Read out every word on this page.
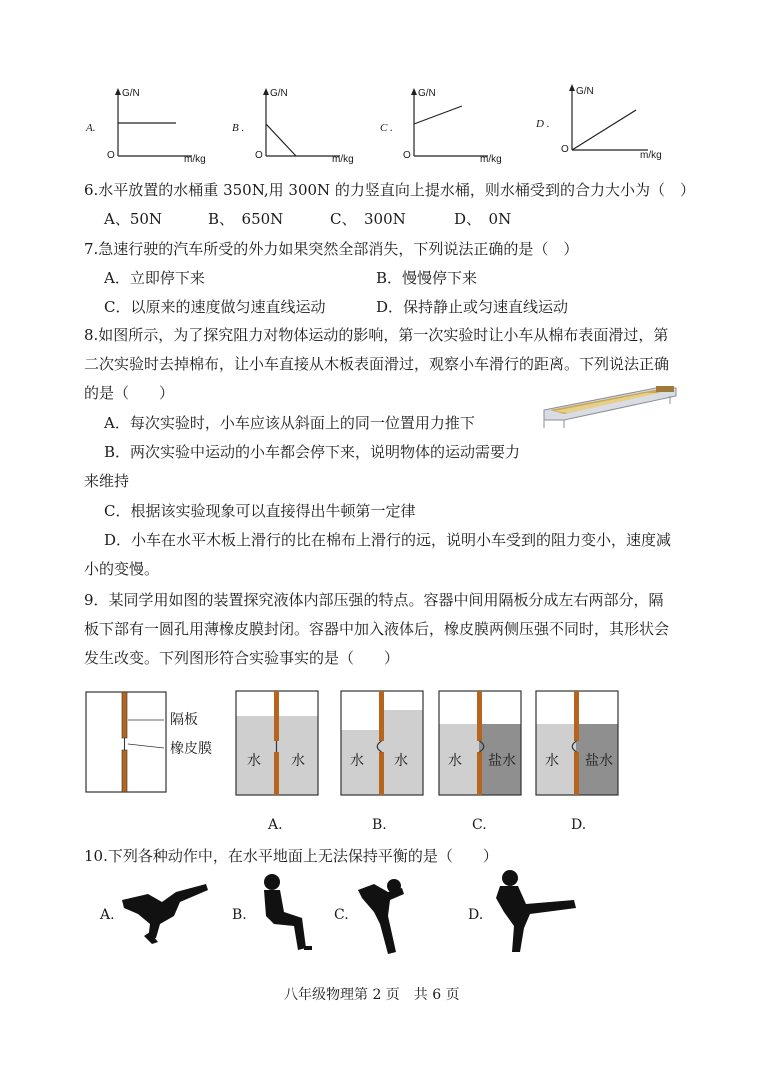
A.
G/N
O	m/kg
B .
G/N
O	m/kg
C .
G/N
O	m/kg
D .
G/N
O
m/kg
6.水平放置的水桶重 350N,用 300N 的力竖直向上提水桶，则水桶受到的合力大小为（　）
A、50N	B、　650N	C、　300N	D、　0N
7.急速行驶的汽车所受的外力如果突然全部消失，下列说法正确的是（　）
A．立即停下来	B．慢慢停下来
C．以原来的速度做匀速直线运动	D．保持静止或匀速直线运动
8.如图所示，为了探究阻力对物体运动的影响，第一次实验时让小车从棉布表面滑过，第
二次实验时去掉棉布，让小车直接从木板表面滑过，观察小车滑行的距离。下列说法正确
的是（　　）
A．每次实验时，小车应该从斜面上的同一位置用力推下
B．两次实验中运动的小车都会停下来，说明物体的运动需要力
来维持
C．根据该实验现象可以直接得出牛顿第一定律
D．小车在水平木板上滑行的比在棉布上滑行的远，说明小车受到的阻力变小，速度减
小的变慢。
9．某同学用如图的装置探究液体内部压强的特点。容器中间用隔板分成左右两部分，隔
板下部有一圆孔用薄橡皮膜封闭。容器中加入液体后，橡皮膜两侧压强不同时，其形状会
发生改变。下列图形符合实验事实的是（　　）
隔板
橡皮膜
水 水	水 水	水 盐水 水 盐水
A.	B.	C.	D.
10.下列各种动作中，在水平地面上无法保持平衡的是（　　）
A.	B.	C.	D.
八年级物理第 2 页　共 6 页
